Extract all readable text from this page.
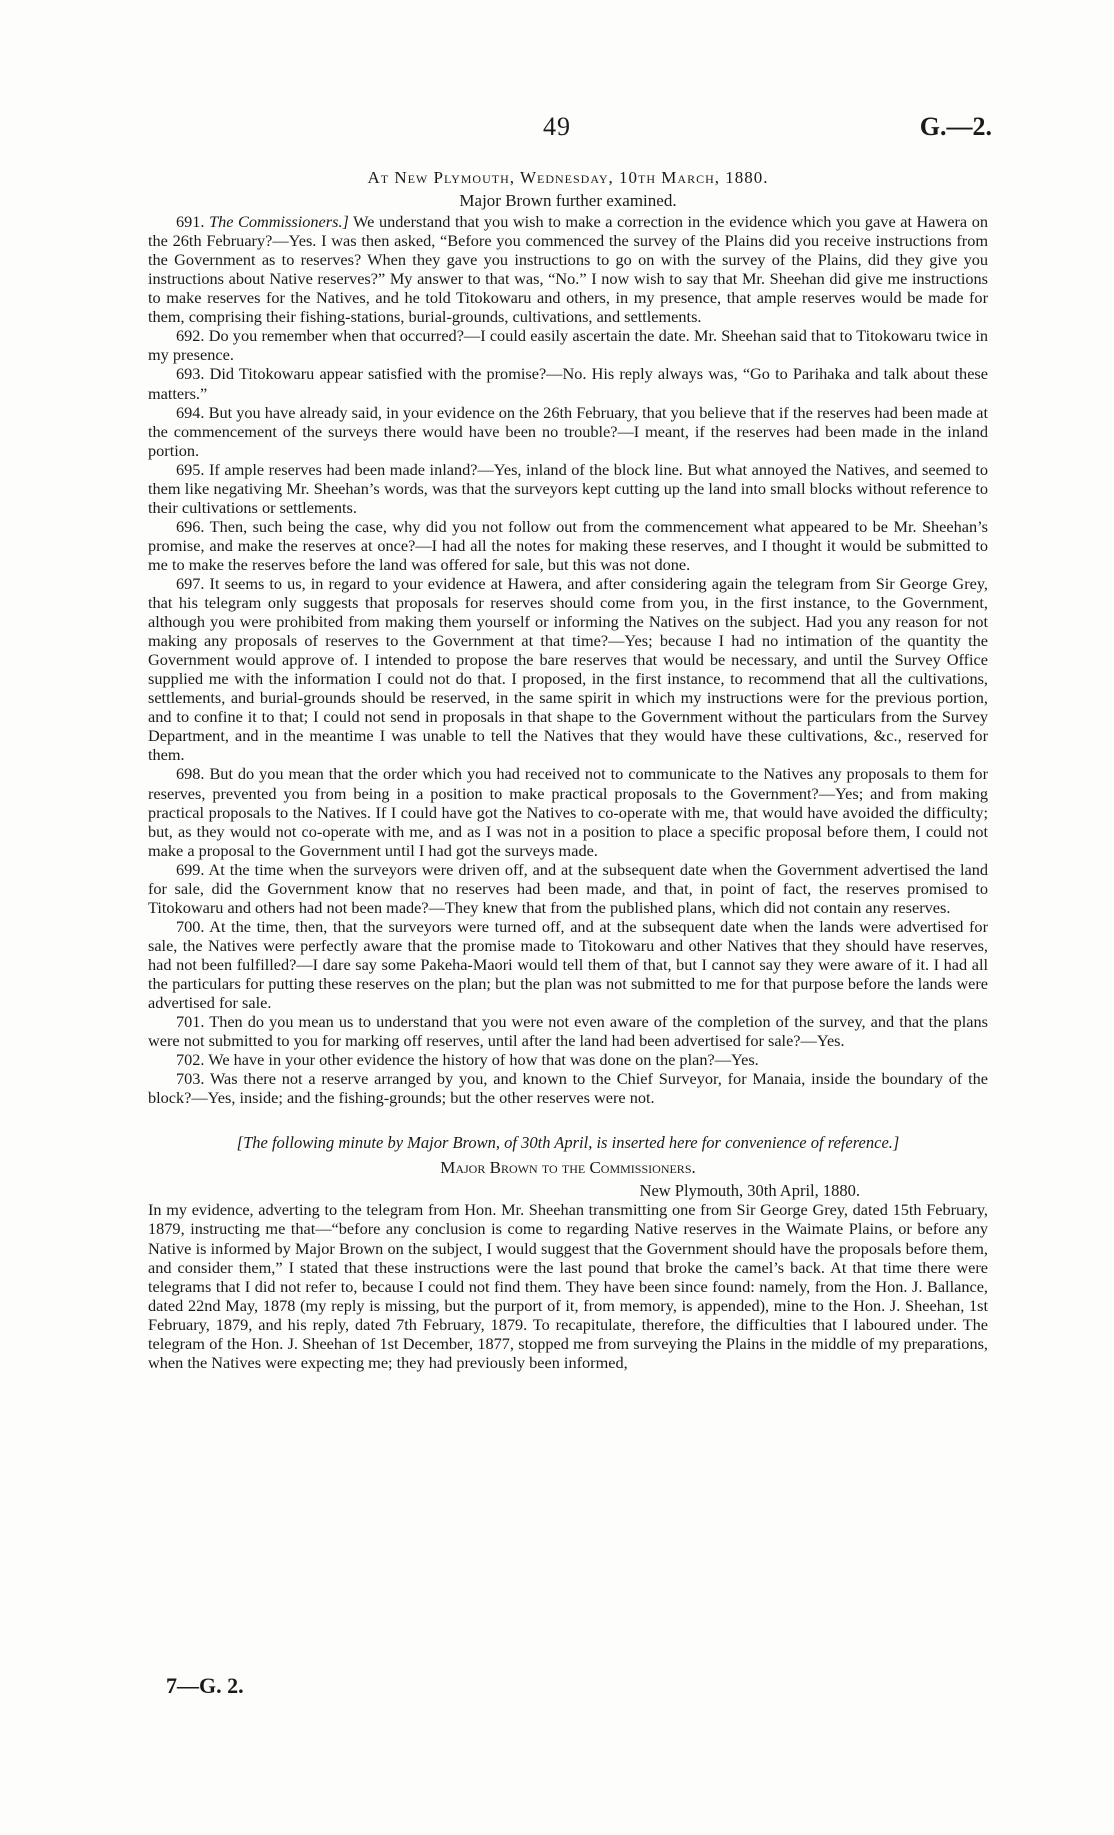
49	G.—2.

At New Plymouth, Wednesday, 10th March, 1880.

Major Brown further examined.

691. The Commissioners.] We understand that you wish to make a correction in the evidence which you gave at Hawera on the 26th February?—Yes. I was then asked, “Before you commenced the survey of the Plains did you receive instructions from the Government as to reserves? When they gave you instructions to go on with the survey of the Plains, did they give you instructions about Native reserves?” My answer to that was, “No.” I now wish to say that Mr. Sheehan did give me instructions to make reserves for the Natives, and he told Titokowaru and others, in my presence, that ample reserves would be made for them, comprising their fishing-stations, burial-grounds, cultivations, and settlements.

692. Do you remember when that occurred?—I could easily ascertain the date. Mr. Sheehan said that to Titokowaru twice in my presence.

693. Did Titokowaru appear satisfied with the promise?—No. His reply always was, “Go to Parihaka and talk about these matters.”

694. But you have already said, in your evidence on the 26th February, that you believe that if the reserves had been made at the commencement of the surveys there would have been no trouble?—I meant, if the reserves had been made in the inland portion.

695. If ample reserves had been made inland?—Yes, inland of the block line. But what annoyed the Natives, and seemed to them like negativing Mr. Sheehan’s words, was that the surveyors kept cutting up the land into small blocks without reference to their cultivations or settlements.

696. Then, such being the case, why did you not follow out from the commencement what appeared to be Mr. Sheehan’s promise, and make the reserves at once?—I had all the notes for making these reserves, and I thought it would be submitted to me to make the reserves before the land was offered for sale, but this was not done.

697. It seems to us, in regard to your evidence at Hawera, and after considering again the telegram from Sir George Grey, that his telegram only suggests that proposals for reserves should come from you, in the first instance, to the Government, although you were prohibited from making them yourself or informing the Natives on the subject. Had you any reason for not making any proposals of reserves to the Government at that time?—Yes; because I had no intimation of the quantity the Government would approve of. I intended to propose the bare reserves that would be necessary, and until the Survey Office supplied me with the information I could not do that. I proposed, in the first instance, to recommend that all the cultivations, settlements, and burial-grounds should be reserved, in the same spirit in which my instructions were for the previous portion, and to confine it to that; I could not send in proposals in that shape to the Government without the particulars from the Survey Department, and in the meantime I was unable to tell the Natives that they would have these cultivations, &c., reserved for them.

698. But do you mean that the order which you had received not to communicate to the Natives any proposals to them for reserves, prevented you from being in a position to make practical proposals to the Government?—Yes; and from making practical proposals to the Natives. If I could have got the Natives to co-operate with me, that would have avoided the difficulty; but, as they would not co-operate with me, and as I was not in a position to place a specific proposal before them, I could not make a proposal to the Government until I had got the surveys made.

699. At the time when the surveyors were driven off, and at the subsequent date when the Government advertised the land for sale, did the Government know that no reserves had been made, and that, in point of fact, the reserves promised to Titokowaru and others had not been made?—They knew that from the published plans, which did not contain any reserves.

700. At the time, then, that the surveyors were turned off, and at the subsequent date when the lands were advertised for sale, the Natives were perfectly aware that the promise made to Titokowaru and other Natives that they should have reserves, had not been fulfilled?—I dare say some Pakeha-Maori would tell them of that, but I cannot say they were aware of it. I had all the particulars for putting these reserves on the plan; but the plan was not submitted to me for that purpose before the lands were advertised for sale.

701. Then do you mean us to understand that you were not even aware of the completion of the survey, and that the plans were not submitted to you for marking off reserves, until after the land had been advertised for sale?—Yes.

702. We have in your other evidence the history of how that was done on the plan?—Yes.

703. Was there not a reserve arranged by you, and known to the Chief Surveyor, for Manaia, inside the boundary of the block?—Yes, inside; and the fishing-grounds; but the other reserves were not.

[The following minute by Major Brown, of 30th April, is inserted here for convenience of reference.]

Major Brown to the Commissioners.

New Plymouth, 30th April, 1880.

In my evidence, adverting to the telegram from Hon. Mr. Sheehan transmitting one from Sir George Grey, dated 15th February, 1879, instructing me that—“before any conclusion is come to regarding Native reserves in the Waimate Plains, or before any Native is informed by Major Brown on the subject, I would suggest that the Government should have the proposals before them, and consider them,” I stated that these instructions were the last pound that broke the camel’s back. At that time there were telegrams that I did not refer to, because I could not find them. They have been since found: namely, from the Hon. J. Ballance, dated 22nd May, 1878 (my reply is missing, but the purport of it, from memory, is appended), mine to the Hon. J. Sheehan, 1st February, 1879, and his reply, dated 7th February, 1879. To recapitulate, therefore, the difficulties that I laboured under. The telegram of the Hon. J. Sheehan of 1st December, 1877, stopped me from surveying the Plains in the middle of my preparations, when the Natives were expecting me; they had previously been informed,

7—G. 2.
